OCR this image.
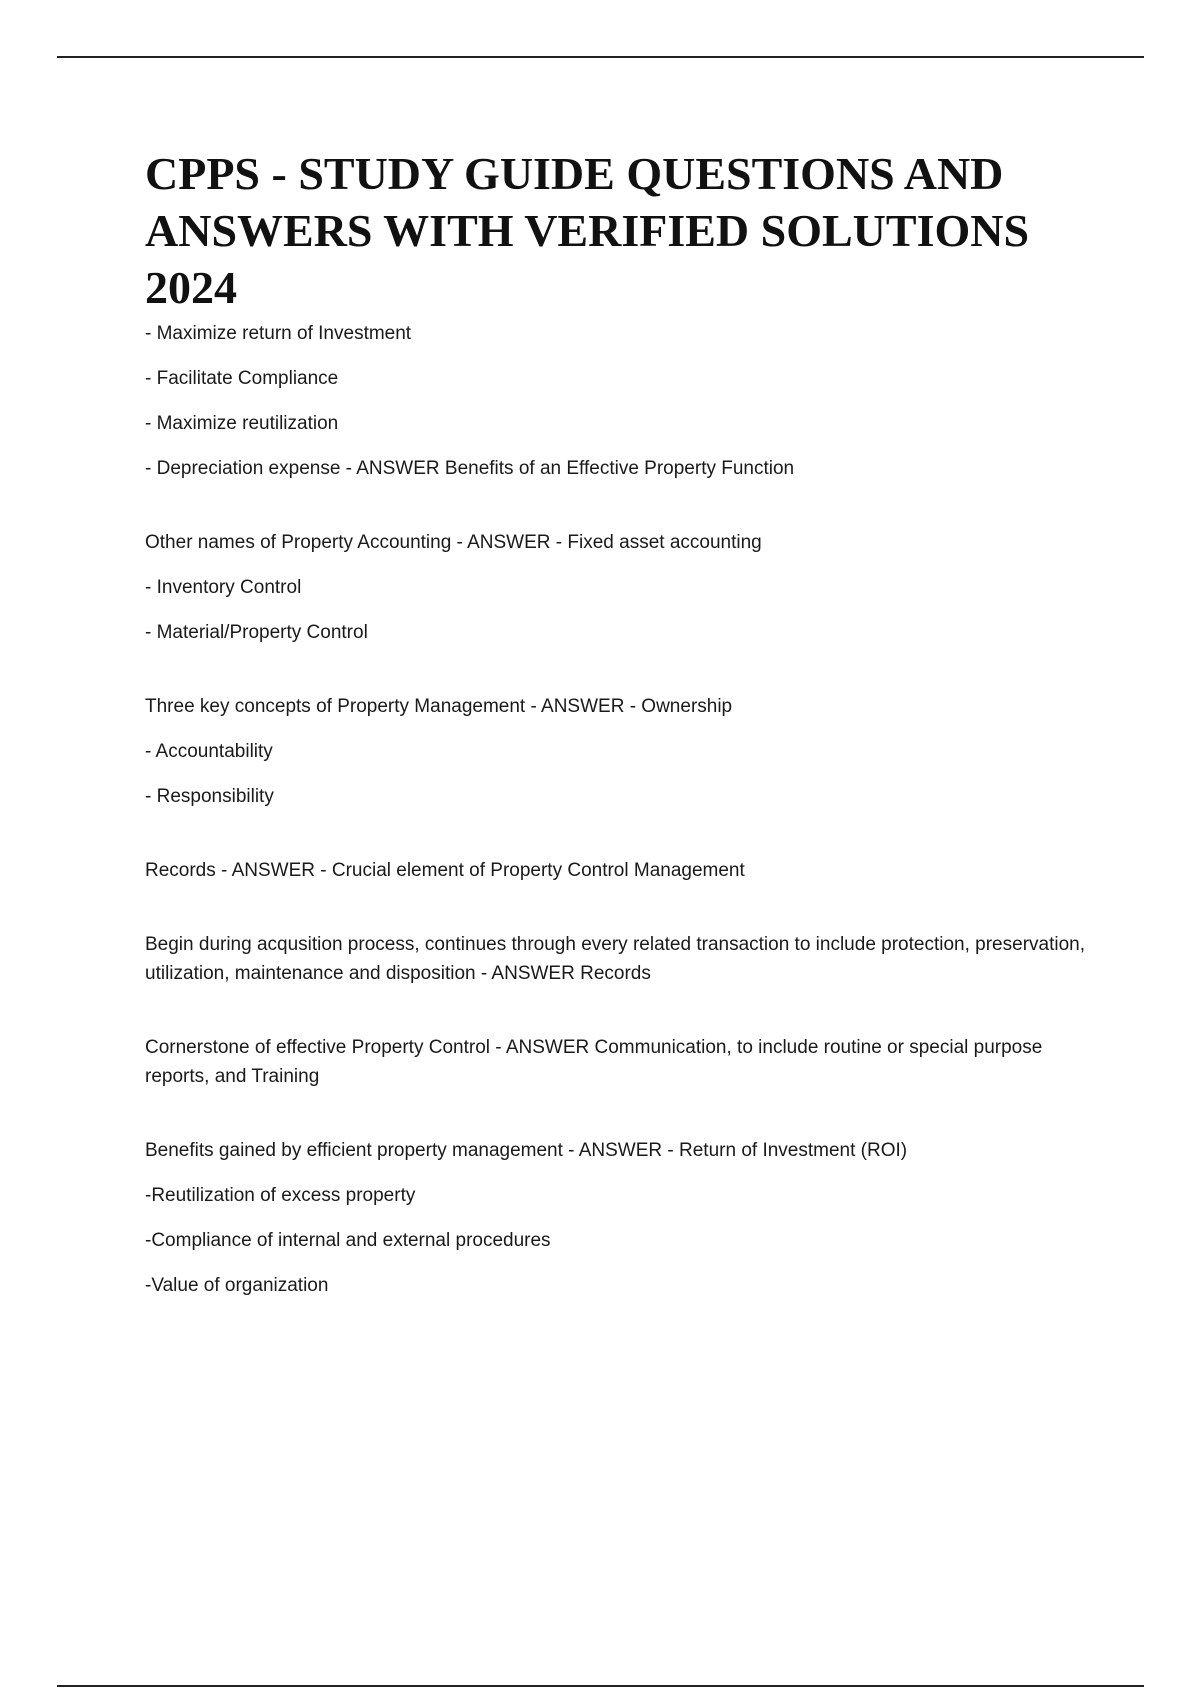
CPPS - STUDY GUIDE QUESTIONS AND ANSWERS WITH VERIFIED SOLUTIONS 2024

- Maximize return of Investment

- Facilitate Compliance

- Maximize reutilization

- Depreciation expense - ANSWER Benefits of an Effective Property Function

Other names of Property Accounting - ANSWER - Fixed asset accounting

- Inventory Control

- Material/Property Control

Three key concepts of Property Management - ANSWER - Ownership

- Accountability

- Responsibility

Records - ANSWER - Crucial element of Property Control Management

Begin during acqusition process, continues through every related transaction to include protection, preservation, utilization, maintenance and disposition - ANSWER Records

Cornerstone of effective Property Control - ANSWER Communication, to include routine or special purpose reports, and Training

Benefits gained by efficient property management - ANSWER - Return of Investment (ROI)

-Reutilization of excess property

-Compliance of internal and external procedures

-Value of organization
